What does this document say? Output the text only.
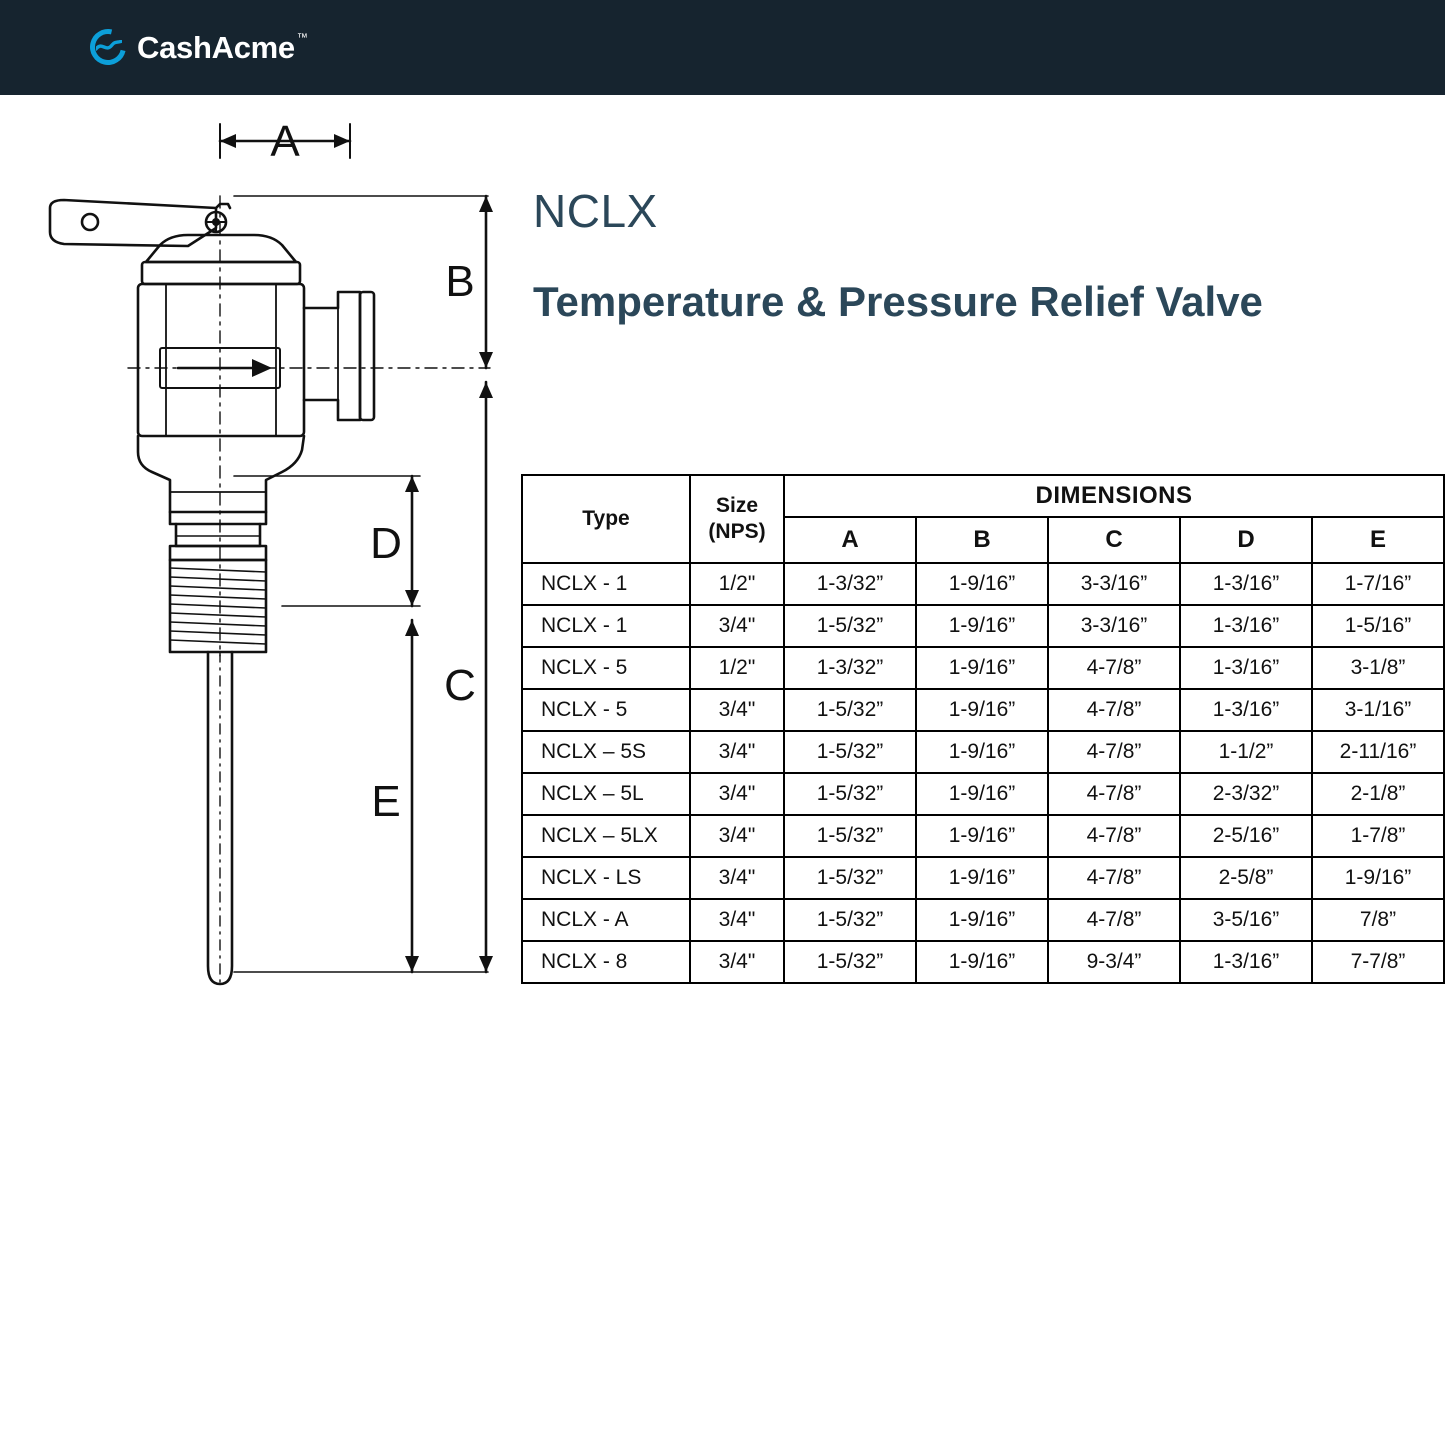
CashAcme ™
NCLX
Temperature & Pressure Relief Valve
A
B
C
D
E
Type	Size
(NPS)	DIMENSIONS				
		A	B	C	D	E
NCLX - 1	1/2"	1-3/32”	1-9/16”	3-3/16”	1-3/16”	1-7/16”
NCLX - 1	3/4"	1-5/32”	1-9/16”	3-3/16”	1-3/16”	1-5/16”
NCLX - 5	1/2"	1-3/32”	1-9/16”	4-7/8”	1-3/16”	3-1/8”
NCLX - 5	3/4"	1-5/32”	1-9/16”	4-7/8”	1-3/16”	3-1/16”
NCLX – 5S	3/4"	1-5/32”	1-9/16”	4-7/8”	1-1/2”	2-11/16”
NCLX – 5L	3/4"	1-5/32”	1-9/16”	4-7/8”	2-3/32”	2-1/8”
NCLX – 5LX	3/4"	1-5/32”	1-9/16”	4-7/8”	2-5/16”	1-7/8”
NCLX - LS	3/4"	1-5/32”	1-9/16”	4-7/8”	2-5/8”	1-9/16”
NCLX - A	3/4"	1-5/32”	1-9/16”	4-7/8”	3-5/16”	7/8”
NCLX - 8	3/4"	1-5/32”	1-9/16”	9-3/4”	1-3/16”	7-7/8”
